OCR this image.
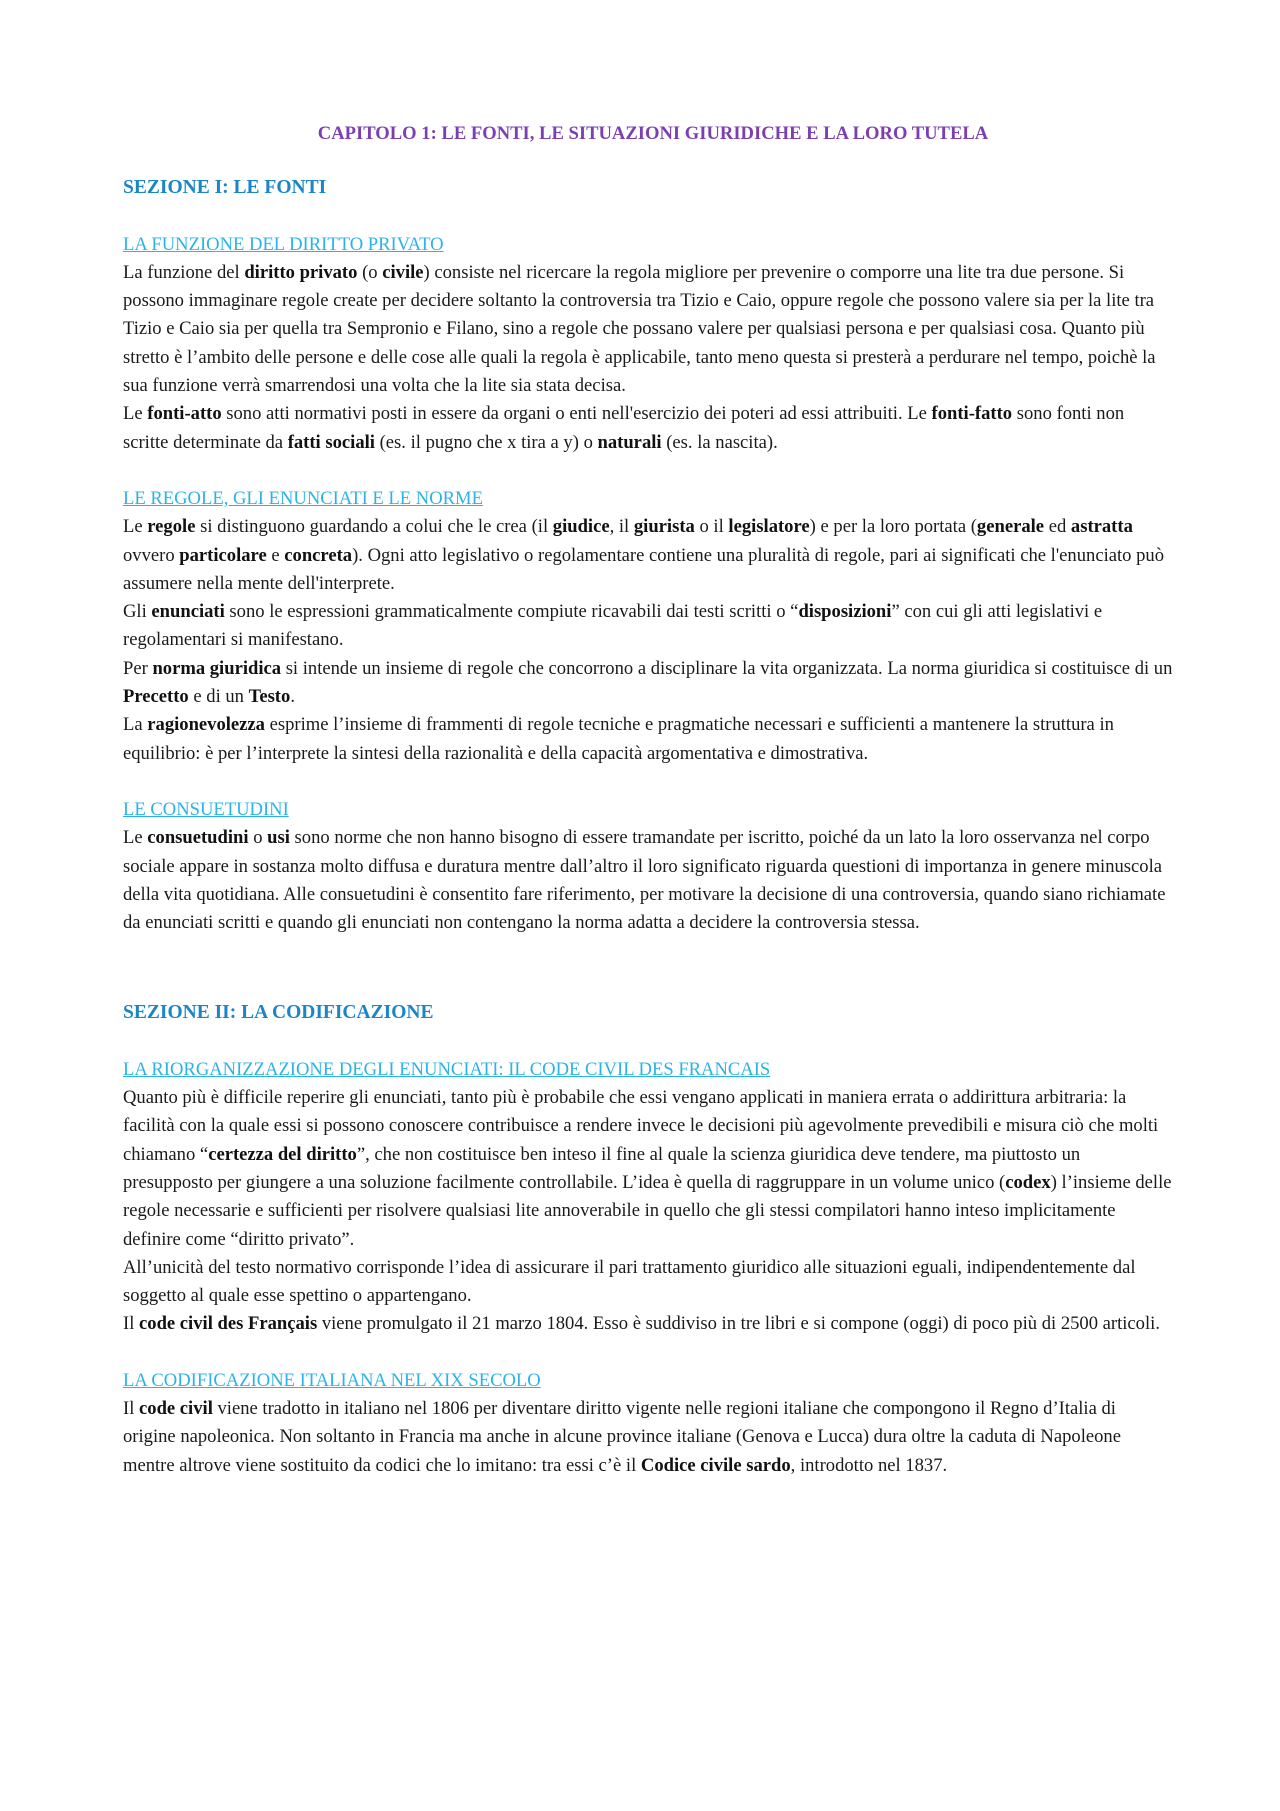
CAPITOLO 1: LE FONTI, LE SITUAZIONI GIURIDICHE E LA LORO TUTELA
SEZIONE I: LE FONTI
LA FUNZIONE DEL DIRITTO PRIVATO

La funzione del diritto privato (o civile) consiste nel ricercare la regola migliore per prevenire o comporre una lite tra due persone. Si possono immaginare regole create per decidere soltanto la controversia tra Tizio e Caio, oppure regole che possono valere sia per la lite tra Tizio e Caio sia per quella tra Sempronio e Filano, sino a regole che possano valere per qualsiasi persona e per qualsiasi cosa. Quanto più stretto è l’ambito delle persone e delle cose alle quali la regola è applicabile, tanto meno questa si presterà a perdurare nel tempo, poichè la sua funzione verrà smarrendosi una volta che la lite sia stata decisa.

Le fonti-atto sono atti normativi posti in essere da organi o enti nell'esercizio dei poteri ad essi attribuiti. Le fonti-fatto sono fonti non scritte determinate da fatti sociali (es. il pugno che x tira a y) o naturali (es. la nascita).

LE REGOLE, GLI ENUNCIATI E LE NORME

Le regole si distinguono guardando a colui che le crea (il giudice, il giurista o il legislatore) e per la loro portata (generale ed astratta ovvero particolare e concreta). Ogni atto legislativo o regolamentare contiene una pluralità di regole, pari ai significati che l'enunciato può assumere nella mente dell'interprete.

Gli enunciati sono le espressioni grammaticalmente compiute ricavabili dai testi scritti o “disposizioni” con cui gli atti legislativi e regolamentari si manifestano.

Per norma giuridica si intende un insieme di regole che concorrono a disciplinare la vita organizzata. La norma giuridica si costituisce di un Precetto e di un Testo.

La ragionevolezza esprime l’insieme di frammenti di regole tecniche e pragmatiche necessari e sufficienti a mantenere la struttura in equilibrio: è per l’interprete la sintesi della razionalità e della capacità argomentativa e dimostrativa.

LE CONSUETUDINI

Le consuetudini o usi sono norme che non hanno bisogno di essere tramandate per iscritto, poiché da un lato la loro osservanza nel corpo sociale appare in sostanza molto diffusa e duratura mentre dall’altro il loro significato riguarda questioni di importanza in genere minuscola della vita quotidiana. Alle consuetudini è consentito fare riferimento, per motivare la decisione di una controversia, quando siano richiamate da enunciati scritti e quando gli enunciati non contengano la norma adatta a decidere la controversia stessa.

SEZIONE II: LA CODIFICAZIONE
LA RIORGANIZZAZIONE DEGLI ENUNCIATI: IL CODE CIVIL DES FRANCAIS

Quanto più è difficile reperire gli enunciati, tanto più è probabile che essi vengano applicati in maniera errata o addirittura arbitraria: la facilità con la quale essi si possono conoscere contribuisce a rendere invece le decisioni più agevolmente prevedibili e misura ciò che molti chiamano “certezza del diritto”, che non costituisce ben inteso il fine al quale la scienza giuridica deve tendere, ma piuttosto un presupposto per giungere a una soluzione facilmente controllabile. L’idea è quella di raggruppare in un volume unico (codex) l’insieme delle regole necessarie e sufficienti per risolvere qualsiasi lite annoverabile in quello che gli stessi compilatori hanno inteso implicitamente definire come “diritto privato”.

All’unicità del testo normativo corrisponde l’idea di assicurare il pari trattamento giuridico alle situazioni eguali, indipendentemente dal soggetto al quale esse spettino o appartengano.

Il code civil des Français viene promulgato il 21 marzo 1804. Esso è suddiviso in tre libri e si compone (oggi) di poco più di 2500 articoli.

LA CODIFICAZIONE ITALIANA NEL XIX SECOLO

Il code civil viene tradotto in italiano nel 1806 per diventare diritto vigente nelle regioni italiane che compongono il Regno d’Italia di origine napoleonica. Non soltanto in Francia ma anche in alcune province italiane (Genova e Lucca) dura oltre la caduta di Napoleone mentre altrove viene sostituito da codici che lo imitano: tra essi c’è il Codice civile sardo, introdotto nel 1837.
